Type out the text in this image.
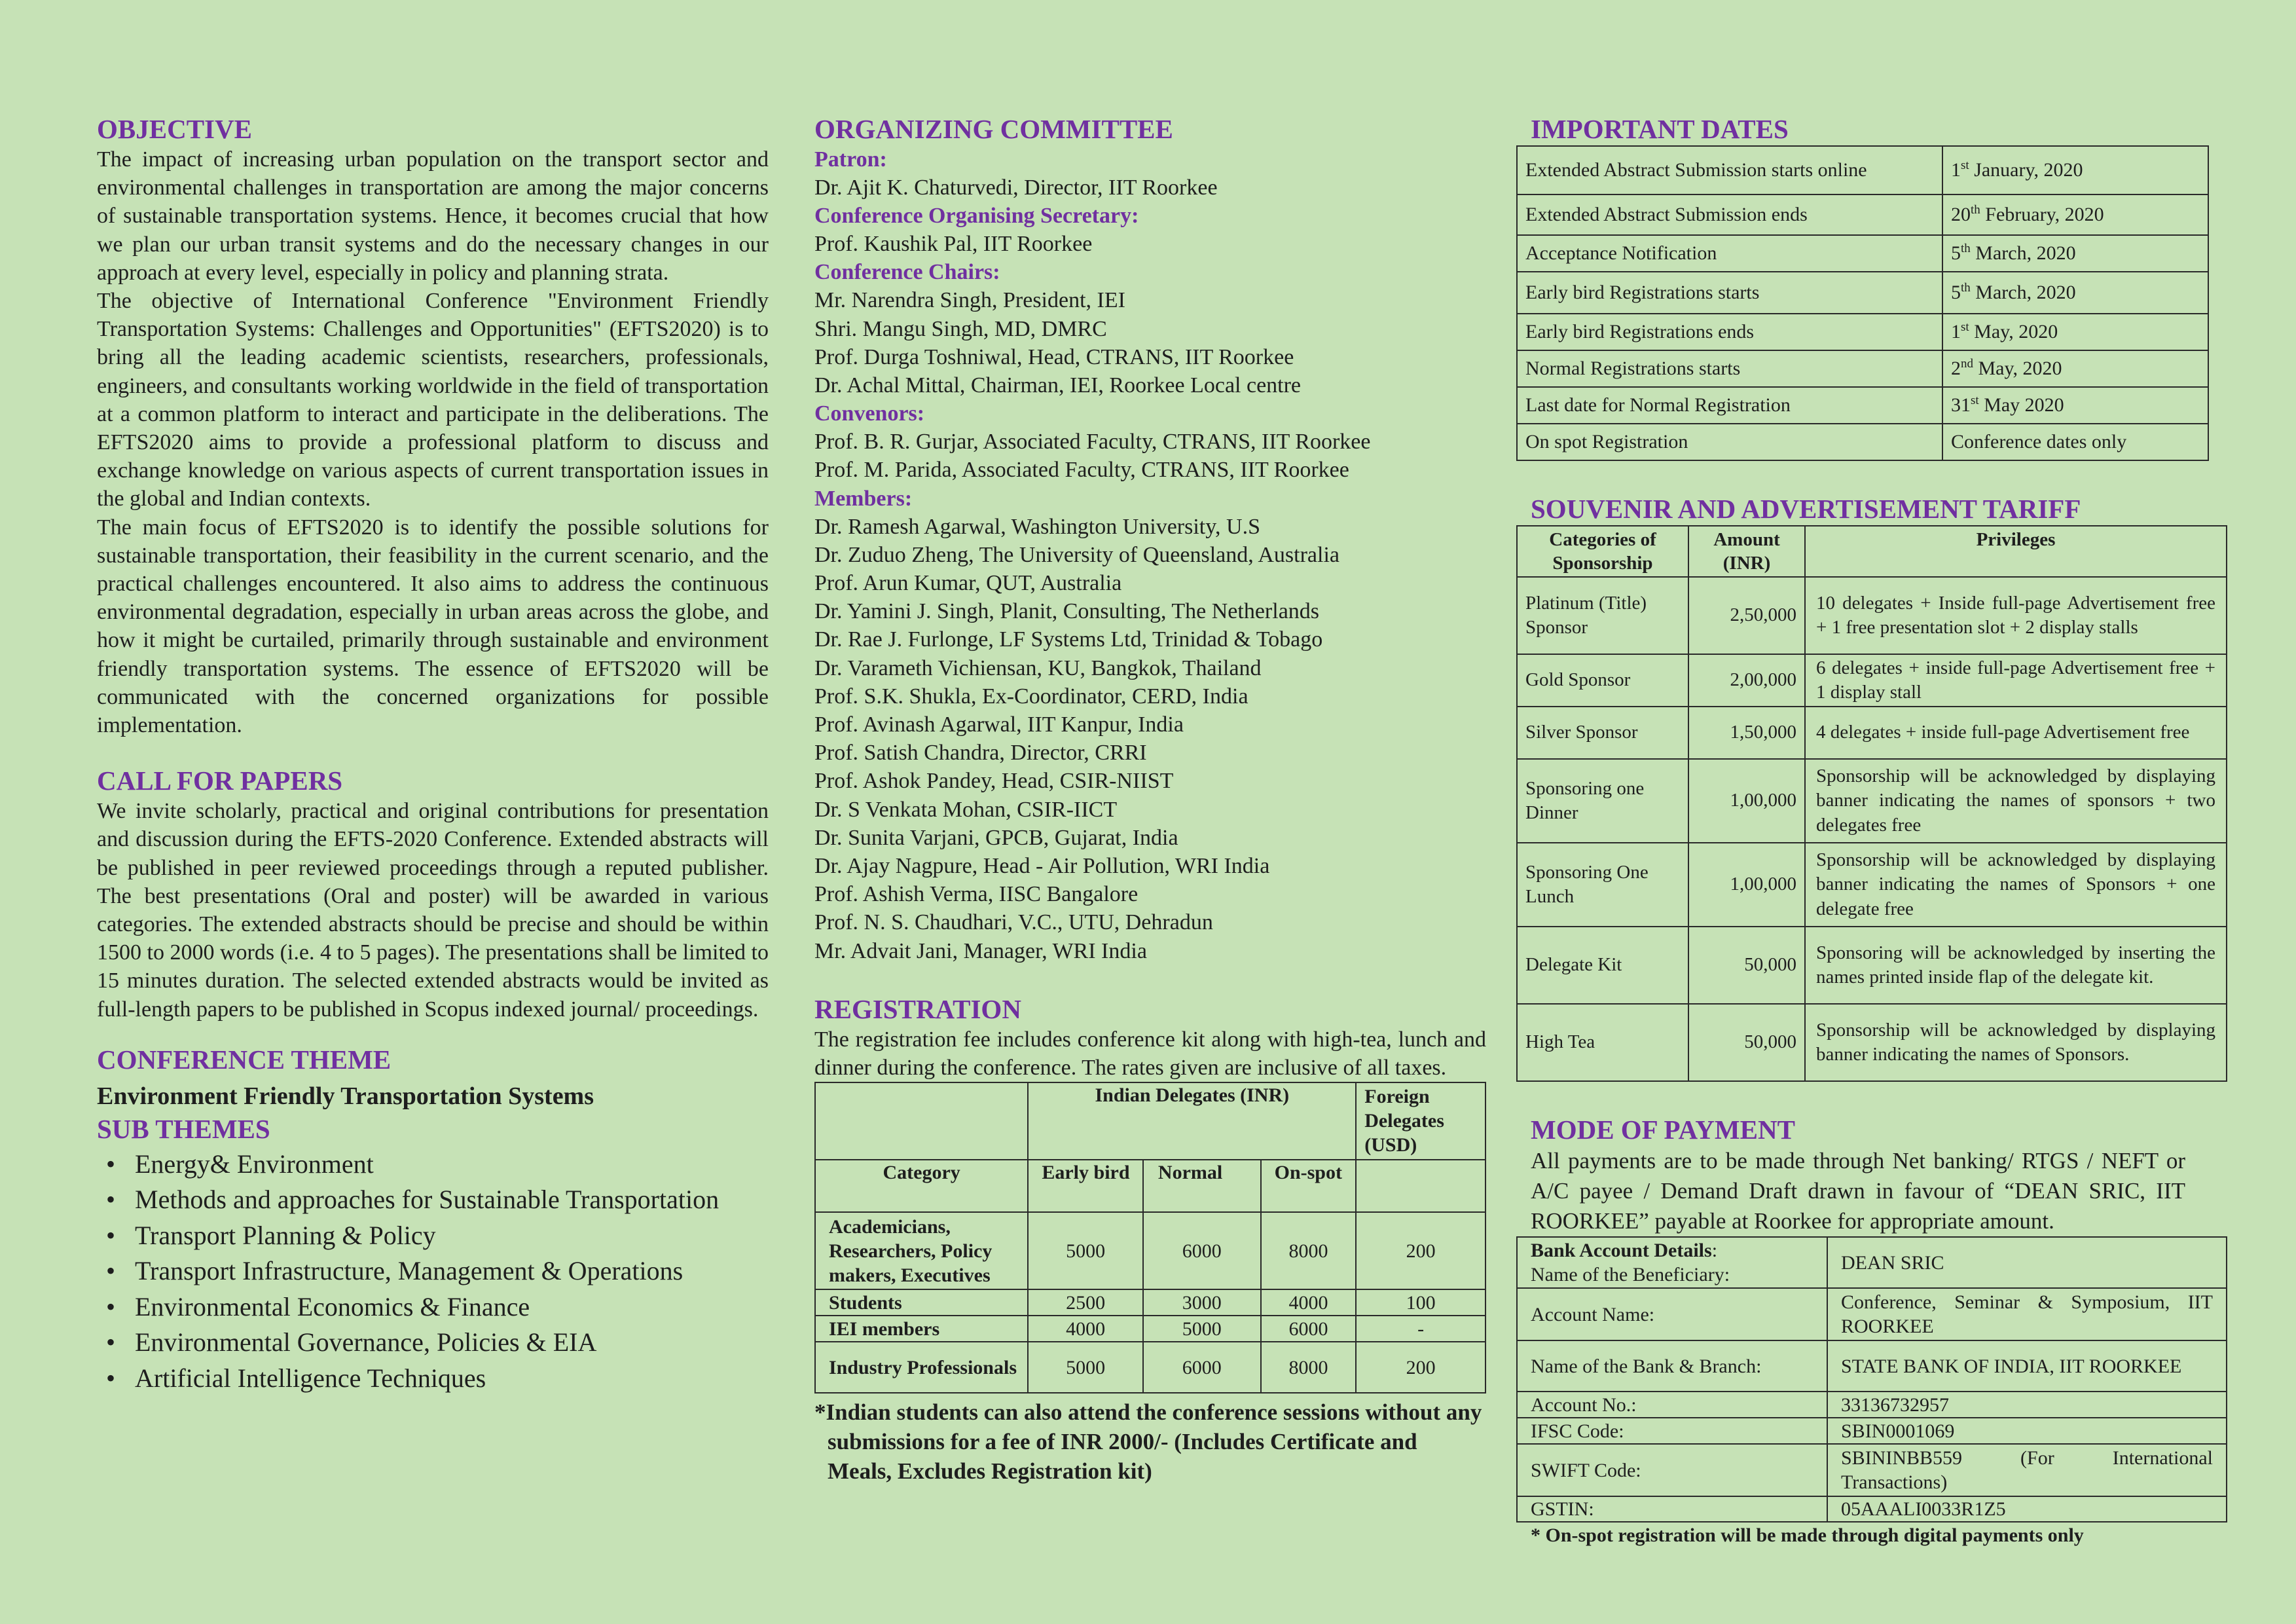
OBJECTIVE

The impact of increasing urban population on the transport sector and environmental challenges in transportation are among the major concerns of sustainable transportation systems. Hence, it becomes crucial that how we plan our urban transit systems and do the necessary changes in our approach at every level, especially in policy and planning strata.

The objective of International Conference "Environment Friendly Transportation Systems: Challenges and Opportunities" (EFTS2020) is to bring all the leading academic scientists, researchers, professionals, engineers, and consultants working worldwide in the field of transportation at a common platform to interact and participate in the deliberations. The EFTS2020 aims to provide a professional platform to discuss and exchange knowledge on various aspects of current transportation issues in the global and Indian contexts.

The main focus of EFTS2020 is to identify the possible solutions for sustainable transportation, their feasibility in the current scenario, and the practical challenges encountered. It also aims to address the continuous environmental degradation, especially in urban areas across the globe, and how it might be curtailed, primarily through sustainable and environment friendly transportation systems. The essence of EFTS2020 will be communicated with the concerned organizations for possible implementation.

CALL FOR PAPERS

We invite scholarly, practical and original contributions for presentation and discussion during the EFTS-2020 Conference. Extended abstracts will be published in peer reviewed proceedings through a reputed publisher. The best presentations (Oral and poster) will be awarded in various categories. The extended abstracts should be precise and should be within 1500 to 2000 words (i.e. 4 to 5 pages). The presentations shall be limited to 15 minutes duration. The selected extended abstracts would be invited as full-length papers to be published in Scopus indexed journal/ proceedings.

CONFERENCE THEME
Environment Friendly Transportation Systems
SUB THEMES
• Energy& Environment
• Methods and approaches for Sustainable Transportation
• Transport Planning & Policy
• Transport Infrastructure, Management & Operations
• Environmental Economics & Finance
• Environmental Governance, Policies & EIA
• Artificial Intelligence Techniques
ORGANIZING COMMITTEE
Patron:
Dr. Ajit K. Chaturvedi, Director, IIT Roorkee
Conference Organising Secretary:
Prof. Kaushik Pal, IIT Roorkee
Conference Chairs:
Mr. Narendra Singh, President, IEI
Shri. Mangu Singh, MD, DMRC
Prof. Durga Toshniwal, Head, CTRANS, IIT Roorkee
Dr. Achal Mittal, Chairman, IEI, Roorkee Local centre
Convenors:
Prof. B. R. Gurjar, Associated Faculty, CTRANS, IIT Roorkee
Prof. M. Parida, Associated Faculty, CTRANS, IIT Roorkee
Members:
Dr. Ramesh Agarwal, Washington University, U.S
Dr. Zuduo Zheng, The University of Queensland, Australia
Prof. Arun Kumar, QUT, Australia
Dr. Yamini J. Singh, Planit, Consulting, The Netherlands
Dr. Rae J. Furlonge, LF Systems Ltd, Trinidad & Tobago
Dr. Varameth Vichiensan, KU, Bangkok, Thailand
Prof. S.K. Shukla, Ex-Coordinator, CERD, India
Prof. Avinash Agarwal, IIT Kanpur, India
Prof. Satish Chandra, Director, CRRI
Prof. Ashok Pandey, Head, CSIR-NIIST
Dr. S Venkata Mohan, CSIR-IICT
Dr. Sunita Varjani, GPCB, Gujarat, India
Dr. Ajay Nagpure, Head - Air Pollution, WRI India
Prof. Ashish Verma, IISC Bangalore
Prof. N. S. Chaudhari, V.C., UTU, Dehradun
Mr. Advait Jani, Manager, WRI India
REGISTRATION

The registration fee includes conference kit along with high-tea, lunch and dinner during the conference. The rates given are inclusive of all taxes.

	Indian Delegates (INR)			Foreign Delegates (USD)
Category	Early bird	Normal	On-spot	
Academicians, Researchers, Policy makers, Executives	5000	6000	8000	200
Students	2500	3000	4000	100
IEI members	4000	5000	6000	-
Industry Professionals	5000	6000	8000	200

*Indian students can also attend the conference sessions without any submissions for a fee of INR 2000/- (Includes Certificate and Meals, Excludes Registration kit)

IMPORTANT DATES
Extended Abstract Submission starts online	1st January, 2020
Extended Abstract Submission ends	20th February, 2020
Acceptance Notification	5th March, 2020
Early bird Registrations starts	5th March, 2020
Early bird Registrations ends	1st May, 2020
Normal Registrations starts	2nd May, 2020
Last date for Normal Registration	31st May 2020
On spot Registration	Conference dates only
SOUVENIR AND ADVERTISEMENT TARIFF
Categories of Sponsorship	Amount (INR)	Privileges
Platinum (Title) Sponsor	2,50,000	10 delegates + Inside full-page Advertisement free + 1 free presentation slot + 2 display stalls
Gold Sponsor	2,00,000	6 delegates + inside full-page Advertisement free + 1 display stall
Silver Sponsor	1,50,000	4 delegates + inside full-page Advertisement free
Sponsoring one Dinner	1,00,000	Sponsorship will be acknowledged by displaying banner indicating the names of sponsors + two delegates free
Sponsoring One Lunch	1,00,000	Sponsorship will be acknowledged by displaying banner indicating the names of Sponsors + one delegate free
Delegate Kit	50,000	Sponsoring will be acknowledged by inserting the names printed inside flap of the delegate kit.
High Tea	50,000	Sponsorship will be acknowledged by displaying banner indicating the names of Sponsors.
MODE OF PAYMENT

All payments are to be made through Net banking/ RTGS / NEFT or A/C payee / Demand Draft drawn in favour of “DEAN SRIC, IIT ROORKEE” payable at Roorkee for appropriate amount.

Bank Account Details:
Name of the Beneficiary:	DEAN SRIC
Account Name:	Conference, Seminar & Symposium, IIT ROORKEE
Name of the Bank & Branch:	STATE BANK OF INDIA, IIT ROORKEE
Account No.:	33136732957
IFSC Code:	SBIN0001069
SWIFT Code:	SBININBB559 (For International Transactions)
GSTIN:	05AAALI0033R1Z5

* On-spot registration will be made through digital payments only
